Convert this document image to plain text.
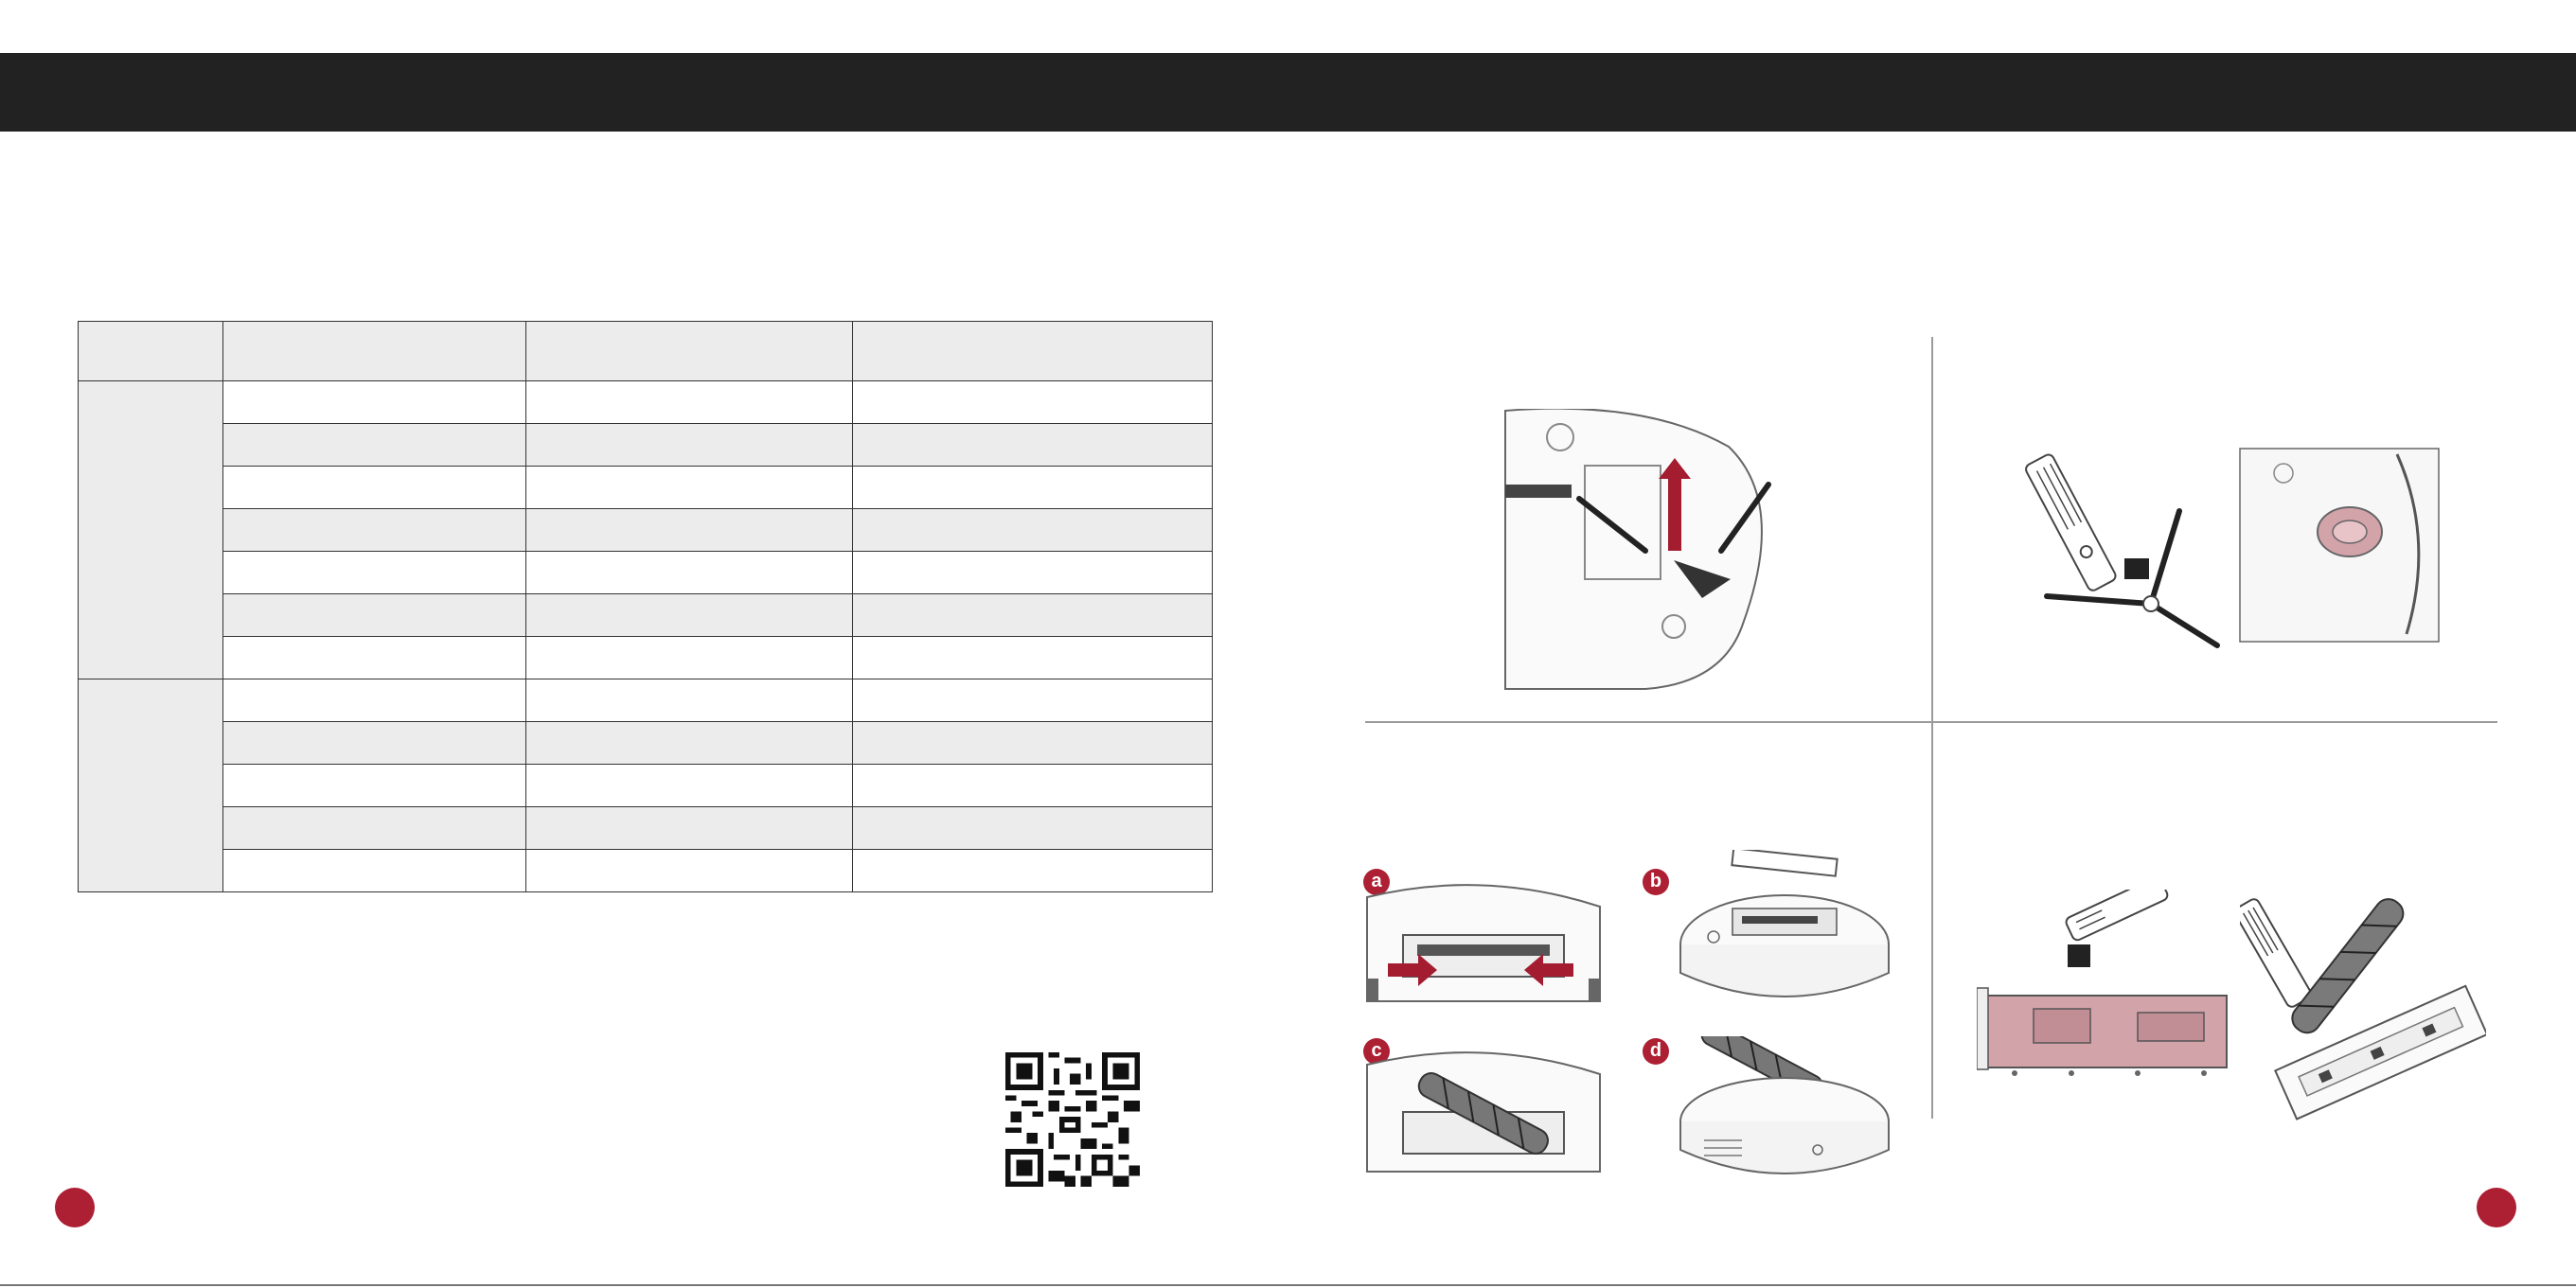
a	b
c	d
